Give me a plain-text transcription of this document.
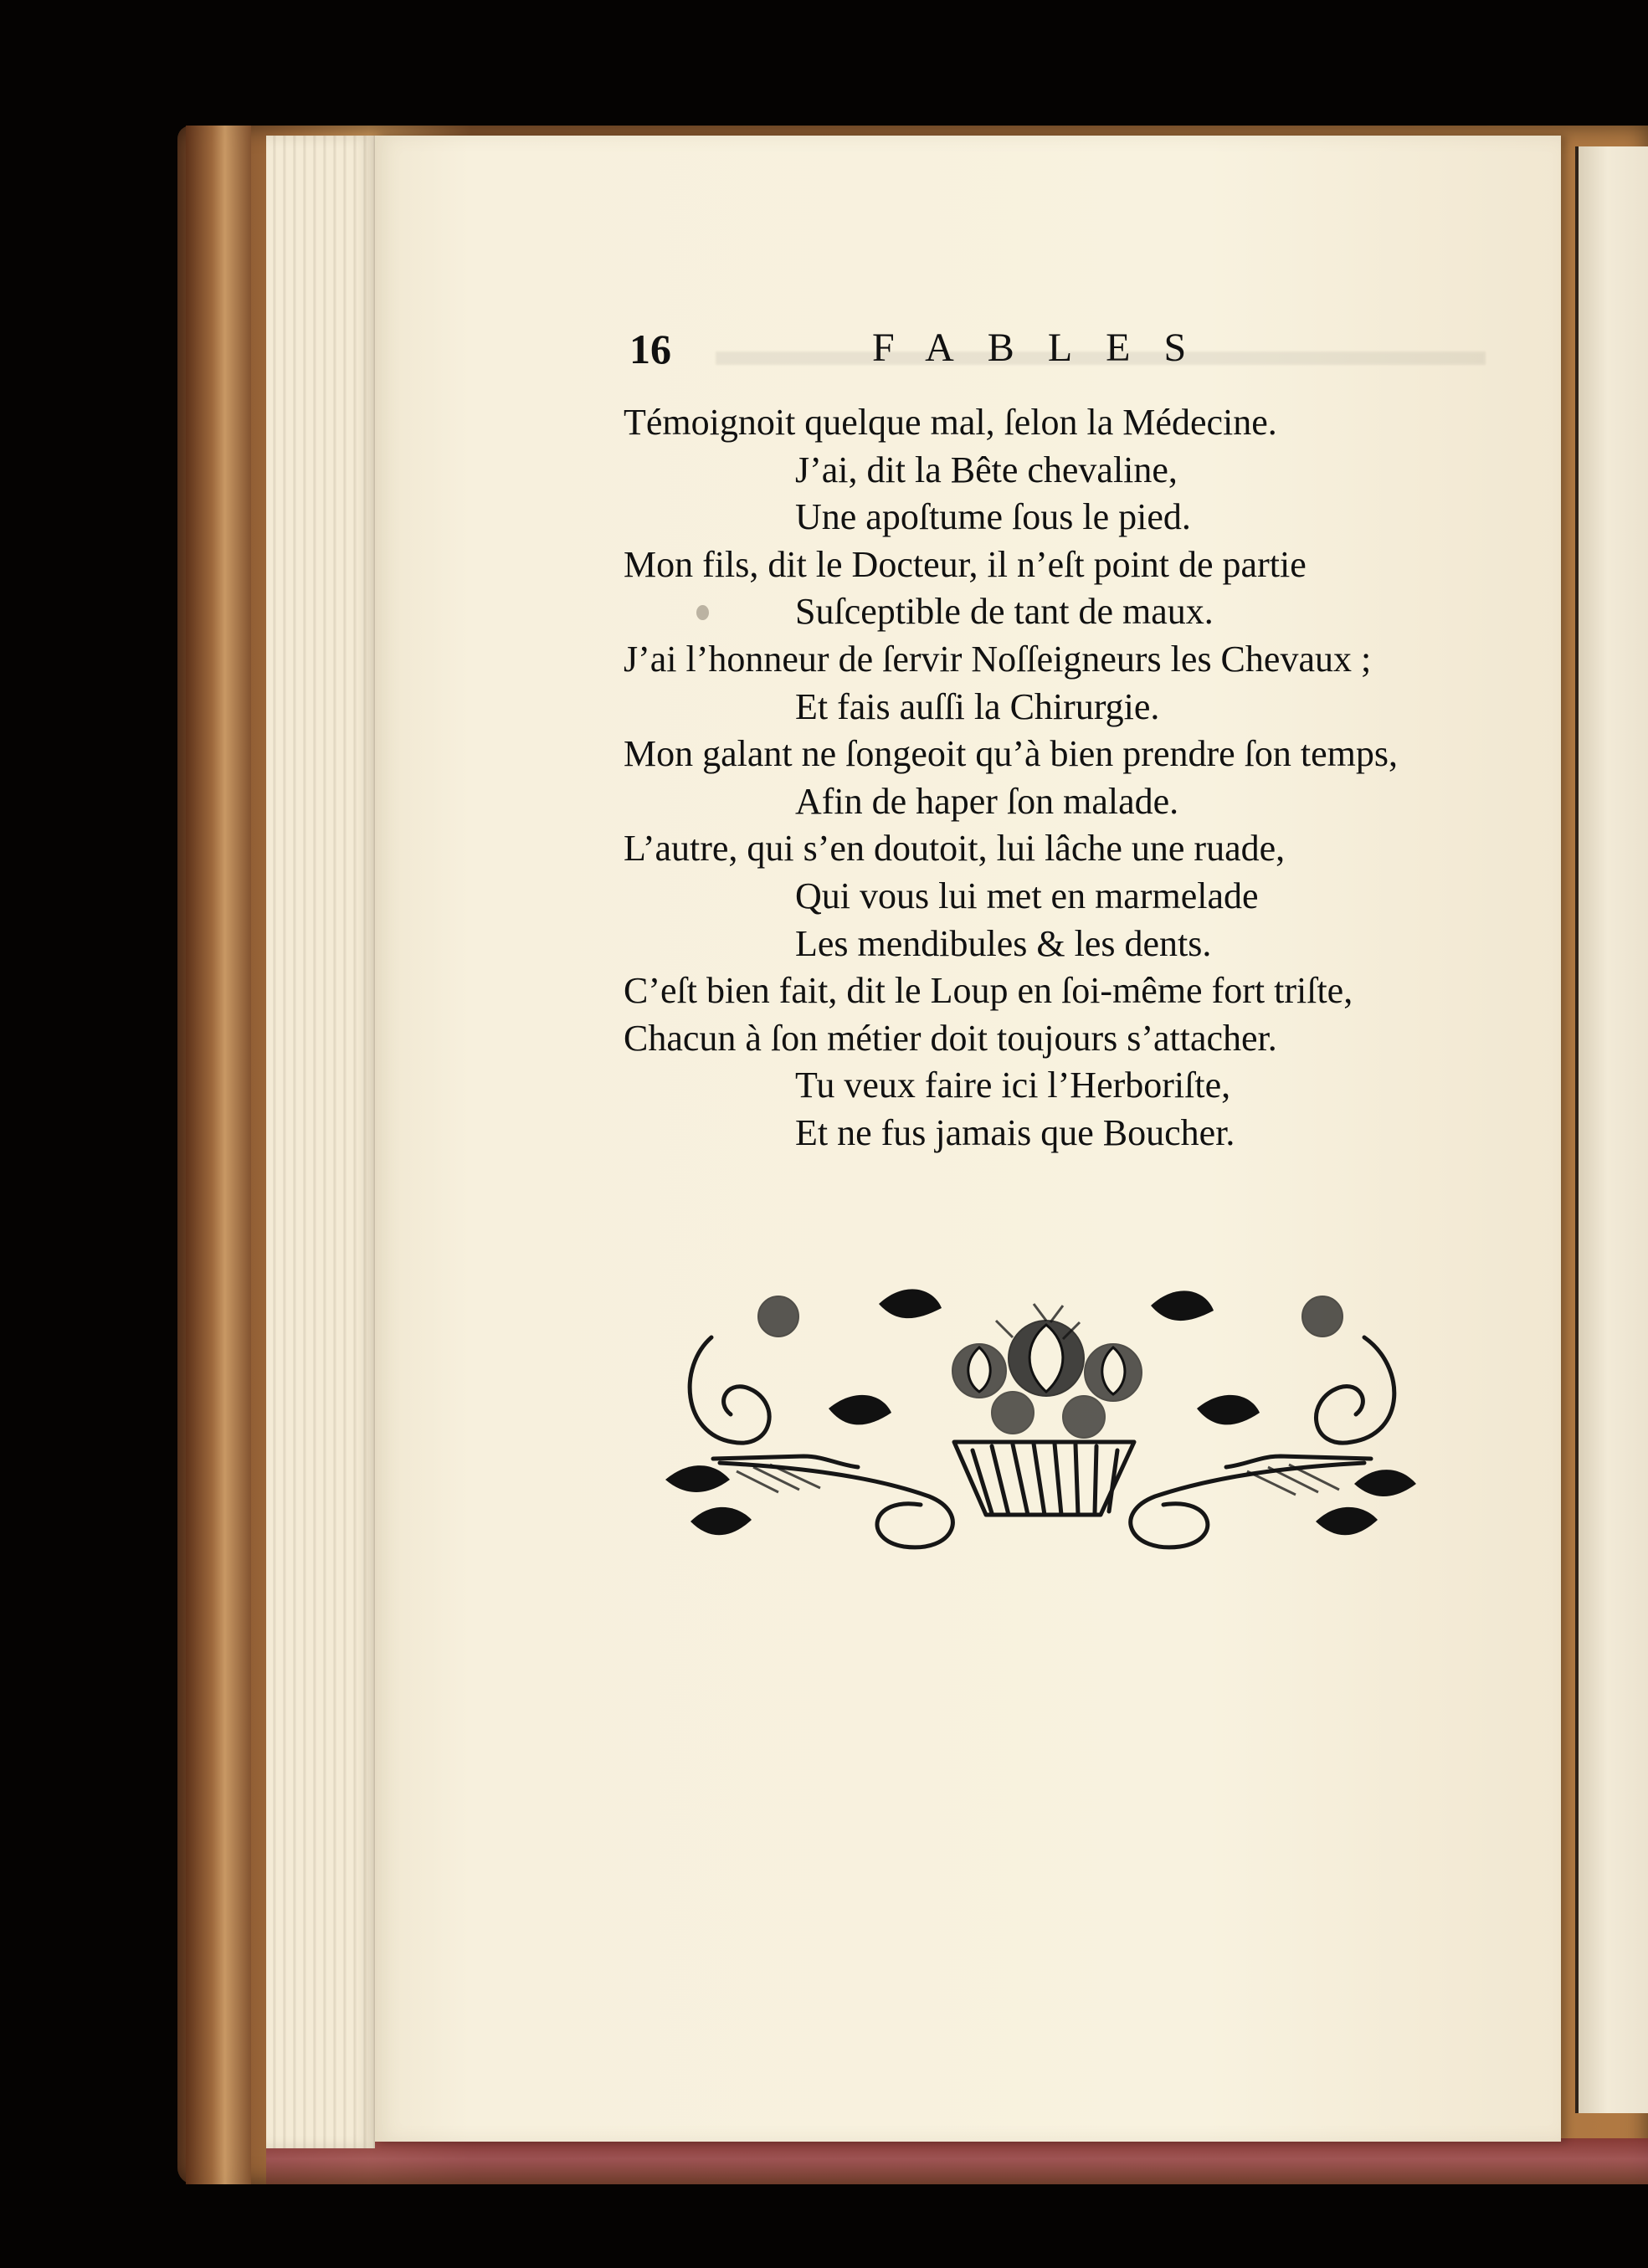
16	FABLES
Témoignoit quelque mal, ſelon la Médecine.
J’ai, dit la Bête chevaline,
Une apoſtume ſous le pied.
Mon fils, dit le Docteur, il n’eſt point de partie
Suſceptible de tant de maux.
J’ai l’honneur de ſervir Noſſeigneurs les Chevaux ;
Et fais auſſi la Chirurgie.
Mon galant ne ſongeoit qu’à bien prendre ſon temps,
Afin de haper ſon malade.
L’autre, qui s’en doutoit, lui lâche une ruade,
Qui vous lui met en marmelade
Les mendibules & les dents.
C’eſt bien fait, dit le Loup en ſoi-même fort triſte,
Chacun à ſon métier doit toujours s’attacher.
Tu veux faire ici l’Herboriſte,
Et ne fus jamais que Boucher.
